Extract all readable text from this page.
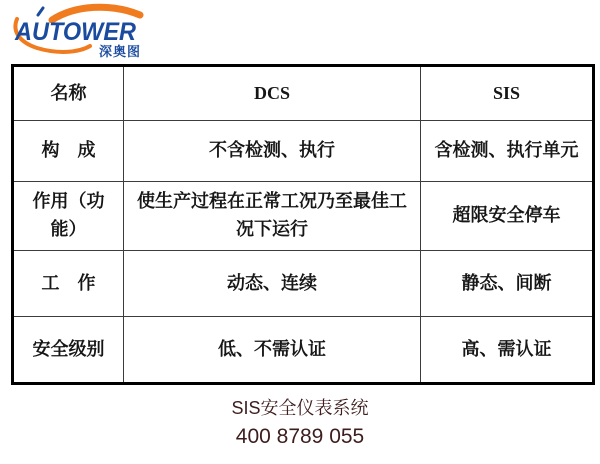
AUTOWER
深奥图
名称	DCS	SIS
构　成	不含检测、执行	含检测、执行单元
作用（功能）	使生产过程在正常工况乃至最佳工况下运行	超限安全停车
工　作	动态、连续	静态、间断
安全级别	低、不需认证	高、需认证
SIS安全仪表系统
400 8789 055
